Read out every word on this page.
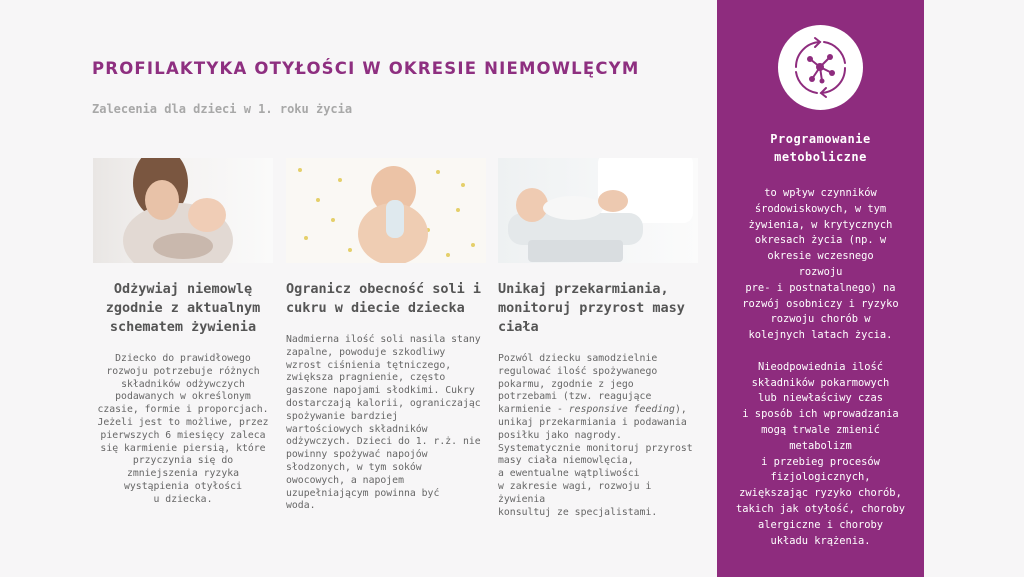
PROFILAKTYKA OTYŁOŚCI W OKRESIE NIEMOWLĘCYM
Zalecenia dla dzieci w 1. roku życia
Odżywiaj niemowlę zgodnie z aktualnym schematem żywienia

Dziecko do prawidłowego
rozwoju potrzebuje różnych
składników odżywczych
podawanych w określonym
czasie, formie i proporcjach.
Jeżeli jest to możliwe, przez
pierwszych 6 miesięcy zaleca
się karmienie piersią, które
przyczynia się do
zmniejszenia ryzyka
wystąpienia otyłości
u dziecka.

Ogranicz obecność soli i cukru w diecie dziecka

Nadmierna ilość soli nasila stany
zapalne, powoduje szkodliwy
wzrost ciśnienia tętniczego,
zwiększa pragnienie, często
gaszone napojami słodkimi. Cukry
dostarczają kalorii, ograniczając
spożywanie bardziej
wartościowych składników
odżywczych. Dzieci do 1. r.ż. nie
powinny spożywać napojów
słodzonych, w tym soków
owocowych, a napojem
uzupełniającym powinna być
woda.

Unikaj przekarmiania, monitoruj przyrost masy ciała

Pozwól dziecku samodzielnie
regulować ilość spożywanego
pokarmu, zgodnie z jego
potrzebami (tzw. reagujące
karmienie - responsive feeding),
unikaj przekarmiania i podawania
posiłku jako nagrody.
Systematycznie monitoruj przyrost
masy ciała niemowlęcia,
a ewentualne wątpliwości
w zakresie wagi, rozwoju i żywienia
konsultuj ze specjalistami.

Programowanie
metoboliczne
to wpływ czynników
środowiskowych, w tym
żywienia, w krytycznych
okresach życia (np. w
okresie wczesnego
rozwoju
pre- i postnatalnego) na
rozwój osobniczy i ryzyko
rozwoju chorób w
kolejnych latach życia.

Nieodpowiednia ilość
składników pokarmowych
lub niewłaściwy czas
i sposób ich wprowadzania
mogą trwale zmienić
metabolizm
i przebieg procesów
fizjologicznych,
zwiększając ryzyko chorób,
takich jak otyłość, choroby
alergiczne i choroby
układu krążenia.
